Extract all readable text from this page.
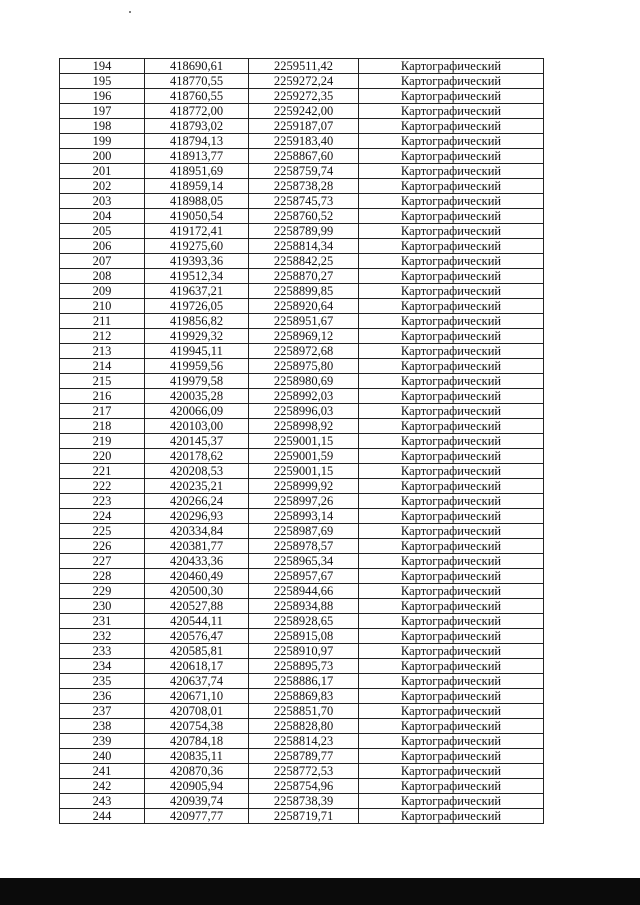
194	418690,61	2259511,42	Картографический
195	418770,55	2259272,24	Картографический
196	418760,55	2259272,35	Картографический
197	418772,00	2259242,00	Картографический
198	418793,02	2259187,07	Картографический
199	418794,13	2259183,40	Картографический
200	418913,77	2258867,60	Картографический
201	418951,69	2258759,74	Картографический
202	418959,14	2258738,28	Картографический
203	418988,05	2258745,73	Картографический
204	419050,54	2258760,52	Картографический
205	419172,41	2258789,99	Картографический
206	419275,60	2258814,34	Картографический
207	419393,36	2258842,25	Картографический
208	419512,34	2258870,27	Картографический
209	419637,21	2258899,85	Картографический
210	419726,05	2258920,64	Картографический
211	419856,82	2258951,67	Картографический
212	419929,32	2258969,12	Картографический
213	419945,11	2258972,68	Картографический
214	419959,56	2258975,80	Картографический
215	419979,58	2258980,69	Картографический
216	420035,28	2258992,03	Картографический
217	420066,09	2258996,03	Картографический
218	420103,00	2258998,92	Картографический
219	420145,37	2259001,15	Картографический
220	420178,62	2259001,59	Картографический
221	420208,53	2259001,15	Картографический
222	420235,21	2258999,92	Картографический
223	420266,24	2258997,26	Картографический
224	420296,93	2258993,14	Картографический
225	420334,84	2258987,69	Картографический
226	420381,77	2258978,57	Картографический
227	420433,36	2258965,34	Картографический
228	420460,49	2258957,67	Картографический
229	420500,30	2258944,66	Картографический
230	420527,88	2258934,88	Картографический
231	420544,11	2258928,65	Картографический
232	420576,47	2258915,08	Картографический
233	420585,81	2258910,97	Картографический
234	420618,17	2258895,73	Картографический
235	420637,74	2258886,17	Картографический
236	420671,10	2258869,83	Картографический
237	420708,01	2258851,70	Картографический
238	420754,38	2258828,80	Картографический
239	420784,18	2258814,23	Картографический
240	420835,11	2258789,77	Картографический
241	420870,36	2258772,53	Картографический
242	420905,94	2258754,96	Картографический
243	420939,74	2258738,39	Картографический
244	420977,77	2258719,71	Картографический
